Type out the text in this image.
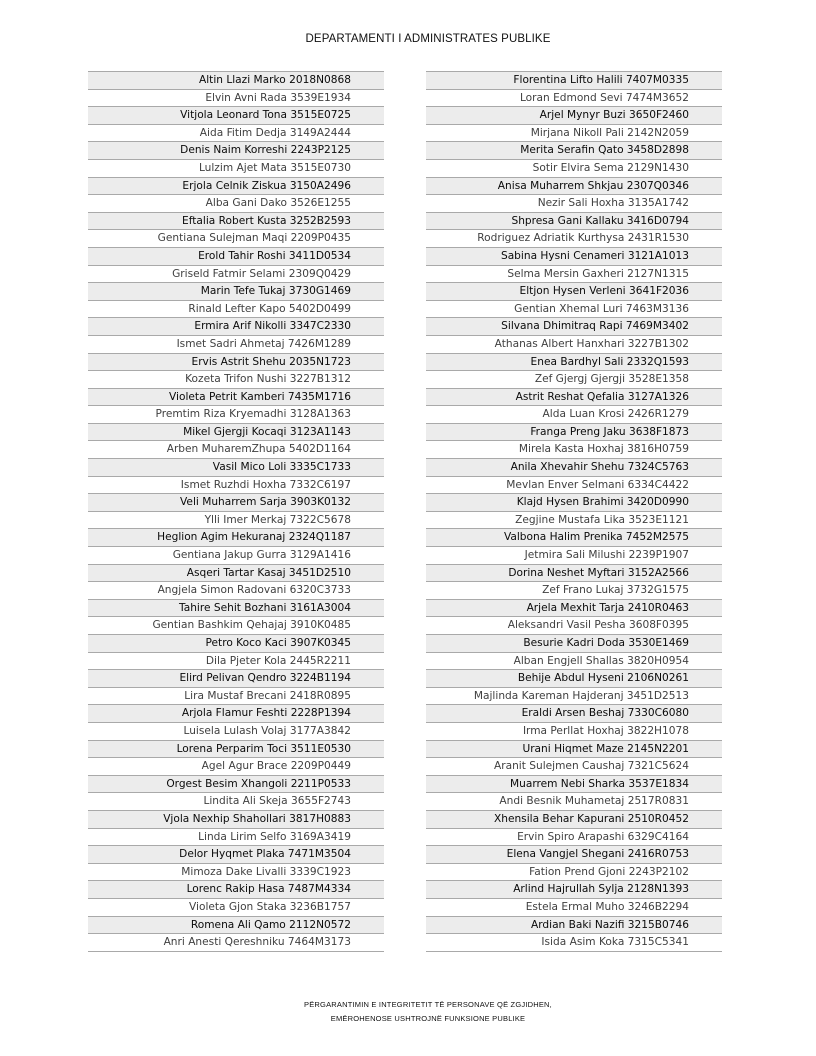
DEPARTAMENTI I ADMINISTRATES PUBLIKE
Altin Llazi Marko 2018N0868
Elvin Avni Rada 3539E1934
Vitjola Leonard Tona 3515E0725
Aida Fitim Dedja 3149A2444
Denis Naim Korreshi 2243P2125
Lulzim Ajet Mata 3515E0730
Erjola Celnik Ziskua 3150A2496
Alba Gani Dako 3526E1255
Eftalia Robert Kusta 3252B2593
Gentiana Sulejman Maqi 2209P0435
Erold Tahir Roshi 3411D0534
Griseld Fatmir Selami 2309Q0429
Marin Tefe Tukaj 3730G1469
Rinald Lefter Kapo 5402D0499
Ermira Arif Nikolli 3347C2330
Ismet Sadri Ahmetaj 7426M1289
Ervis Astrit Shehu 2035N1723
Kozeta Trifon Nushi 3227B1312
Violeta Petrit Kamberi 7435M1716
Premtim Riza Kryemadhi 3128A1363
Mikel Gjergji Kocaqi 3123A1143
Arben MuharemZhupa 5402D1164
Vasil Mico Loli 3335C1733
Ismet Ruzhdi Hoxha 7332C6197
Veli Muharrem Sarja 3903K0132
Ylli Imer Merkaj 7322C5678
Heglion Agim Hekuranaj 2324Q1187
Gentiana Jakup Gurra 3129A1416
Asqeri Tartar Kasaj 3451D2510
Angjela Simon Radovani 6320C3733
Tahire Sehit Bozhani 3161A3004
Gentian Bashkim Qehajaj 3910K0485
Petro Koco Kaci 3907K0345
Dila Pjeter Kola 2445R2211
Elird Pelivan Qendro 3224B1194
Lira Mustaf Brecani 2418R0895
Arjola Flamur Feshti 2228P1394
Luisela Lulash Volaj 3177A3842
Lorena Perparim Toci 3511E0530
Agel Agur Brace 2209P0449
Orgest Besim Xhangoli 2211P0533
Lindita Ali Skeja 3655F2743
Vjola Nexhip Shahollari 3817H0883
Linda Lirim Selfo 3169A3419
Delor Hyqmet Plaka 7471M3504
Mimoza Dake Livalli 3339C1923
Lorenc Rakip Hasa 7487M4334
Violeta Gjon Staka 3236B1757
Romena Ali Qamo 2112N0572
Anri Anesti Qereshniku 7464M3173
Florentina Lifto Halili 7407M0335
Loran Edmond Sevi 7474M3652
Arjel Mynyr Buzi 3650F2460
Mirjana Nikoll Pali 2142N2059
Merita Serafin Qato 3458D2898
Sotir Elvira Sema 2129N1430
Anisa Muharrem Shkjau 2307Q0346
Nezir Sali Hoxha 3135A1742
Shpresa Gani Kallaku 3416D0794
Rodriguez Adriatik Kurthysa 2431R1530
Sabina Hysni Cenameri 3121A1013
Selma Mersin Gaxheri 2127N1315
Eltjon Hysen Verleni 3641F2036
Gentian Xhemal Luri 7463M3136
Silvana Dhimitraq Rapi 7469M3402
Athanas Albert Hanxhari 3227B1302
Enea Bardhyl Sali 2332Q1593
Zef Gjergj Gjergji 3528E1358
Astrit Reshat Qefalia 3127A1326
Alda Luan Krosi 2426R1279
Franga Preng Jaku 3638F1873
Mirela Kasta Hoxhaj 3816H0759
Anila Xhevahir Shehu 7324C5763
Mevlan Enver Selmani 6334C4422
Klajd Hysen Brahimi 3420D0990
Zegjine Mustafa Lika 3523E1121
Valbona Halim Prenika 7452M2575
Jetmira Sali Milushi 2239P1907
Dorina Neshet Myftari 3152A2566
Zef Frano Lukaj 3732G1575
Arjela Mexhit Tarja 2410R0463
Aleksandri Vasil Pesha 3608F0395
Besurie Kadri Doda 3530E1469
Alban Engjell Shallas 3820H0954
Behije Abdul Hyseni 2106N0261
Majlinda Kareman Hajderanj 3451D2513
Eraldi Arsen Beshaj 7330C6080
Irma Perllat Hoxhaj 3822H1078
Urani Hiqmet Maze 2145N2201
Aranit Sulejmen Caushaj 7321C5624
Muarrem Nebi Sharka 3537E1834
Andi Besnik Muhametaj 2517R0831
Xhensila Behar Kapurani 2510R0452
Ervin Spiro Arapashi 6329C4164
Elena Vangjel Shegani 2416R0753
Fation Prend Gjoni 2243P2102
Arlind Hajrullah Sylja 2128N1393
Estela Ermal Muho 3246B2294
Ardian Baki Nazifi 3215B0746
Isida Asim Koka 7315C5341
PËRGARANTIMIN E INTEGRITETIT TË PERSONAVE QË ZGJIDHEN,
EMËROHENOSE USHTROJNË FUNKSIONE PUBLIKE
